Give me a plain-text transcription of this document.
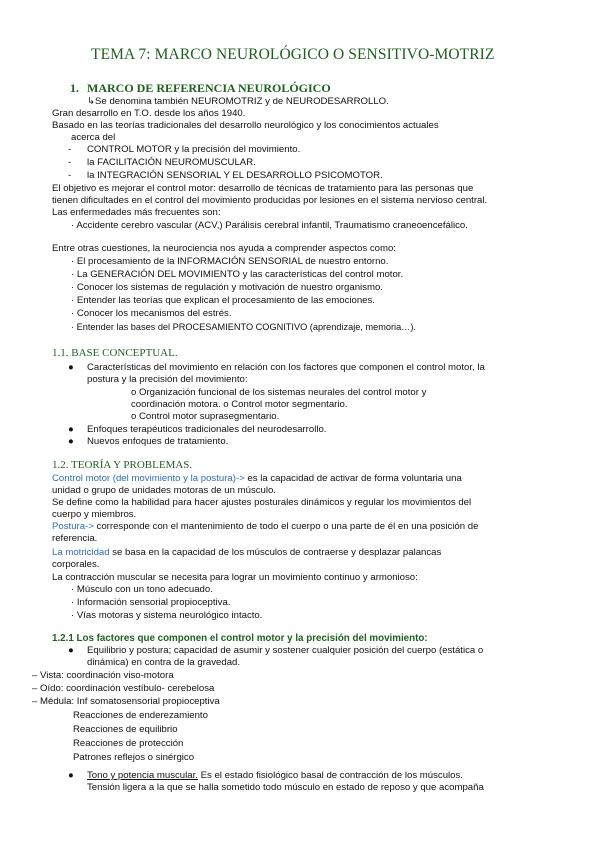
TEMA 7: MARCO NEUROLÓGICO O SENSITIVO-MOTRIZ
1. MARCO DE REFERENCIA NEUROLÓGICO
↳Se denomina también NEUROMOTRIZ y de NEURODESARROLLO.
Gran desarrollo en T.O. desde los años 1940.
Basado en las teorías tradicionales del desarrollo neurológico y los conocimientos actuales
acerca del
- CONTROL MOTOR y la precisión del movimiento.
- la FACILITACIÓN NEUROMUSCULAR.
- la INTEGRACIÓN SENSORIAL Y EL DESARROLLO PSICOMOTOR.
El objetivo es mejorar el control motor: desarrollo de técnicas de tratamiento para las personas que
tienen dificultades en el control del movimiento producidas por lesiones en el sistema nervioso central.
Las enfermedades más frecuentes son:
· Accidente cerebro vascular (ACV,) Parálisis cerebral infantil, Traumatismo craneoencefálico.
Entre otras cuestiones, la neurociencia nos ayuda a comprender aspectos como:
· El procesamiento de la INFORMACIÓN SENSORIAL de nuestro entorno.
· La GENERACIÓN DEL MOVIMIENTO y las características del control motor.
· Conocer los sistemas de regulación y motivación de nuestro organismo.
· Entender las teorías que explican el procesamiento de las emociones.
· Conocer los mecanismos del estrés.
· Entender las bases del PROCESAMIENTO COGNITIVO (aprendizaje, memoria…).
1.1. BASE CONCEPTUAL.
● Características del movimiento en relación con los factores que componen el control motor, la
postura y la precisión del movimiento:
o Organización funcional de los sistemas neurales del control motor y
coordinación motora. o Control motor segmentario.
o Control motor suprasegmentario.
● Enfoques terapéuticos tradicionales del neurodesarrollo.
● Nuevos enfoques de tratamiento.
1.2. TEORÍA Y PROBLEMAS.
Control motor (del movimiento y la postura)-> es la capacidad de activar de forma voluntaria una
unidad o grupo de unidades motoras de un músculo.
Se define como la habilidad para hacer ajustes posturales dinámicos y regular los movimientos del
cuerpo y miembros.
Postura-> corresponde con el mantenimiento de todo el cuerpo o una parte de él en una posición de
referencia.
La motricidad se basa en la capacidad de los músculos de contraerse y desplazar palancas
corporales.
La contracción muscular se necesita para lograr un movimiento continuo y armonioso:
· Músculo con un tono adecuado.
· Información sensorial propioceptiva.
· Vías motoras y sistema neurológico intacto.
1.2.1 Los factores que componen el control motor y la precisión del movimiento:
● Equilibrio y postura; capacidad de asumir y sostener cualquier posición del cuerpo (estática o
dinámica) en contra de la gravedad.
– Vista: coordinación viso-motora
– Oído: coordinación vestíbulo- cerebelosa
– Médula: Inf somatosensorial propioceptiva
Reacciones de enderezamiento
Reacciones de equilibrio
Reacciones de protección
Patrones reflejos o sinérgico
● Tono y potencia muscular. Es el estado fisiológico basal de contracción de los músculos.
Tensión ligera a la que se halla sometido todo músculo en estado de reposo y que acompaña
